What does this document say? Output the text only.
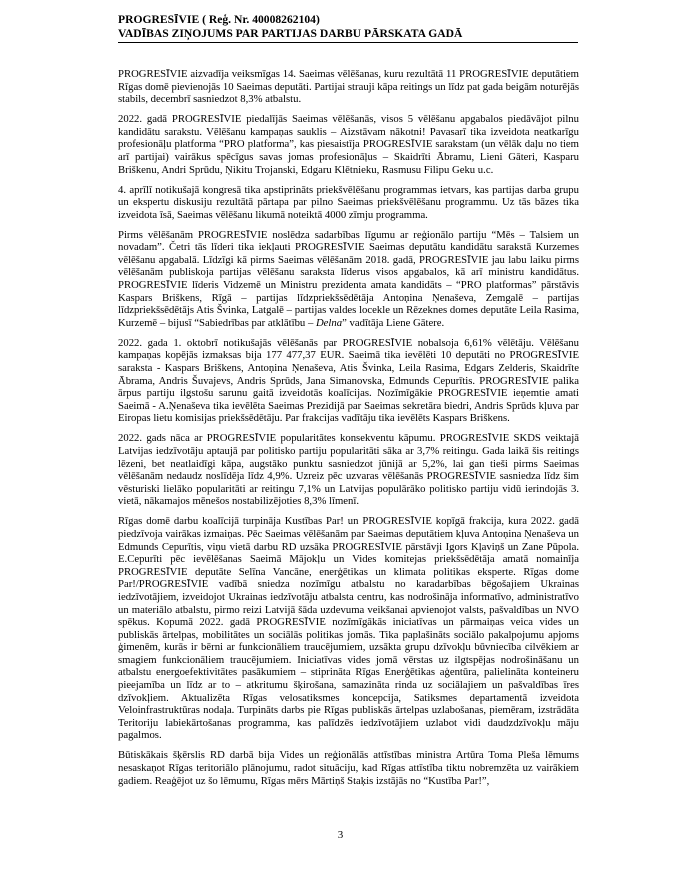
PROGRESĪVIE ( Reģ. Nr. 40008262104)
VADĪBAS ZIŅOJUMS PAR PARTIJAS DARBU PĀRSKATA GADĀ

PROGRESĪVIE aizvadīja veiksmīgas 14. Saeimas vēlēšanas, kuru rezultātā 11 PROGRESĪVIE deputātiem Rīgas domē pievienojās 10 Saeimas deputāti. Partijai strauji kāpa reitings un līdz pat gada beigām noturējās stabils, decembrī sasniedzot 8,3% atbalstu.

2022. gadā PROGRESĪVIE piedalījās Saeimas vēlēšanās, visos 5 vēlēšanu apgabalos piedāvājot pilnu kandidātu sarakstu. Vēlēšanu kampaņas sauklis – Aizstāvam nākotni! Pavasarī tika izveidota neatkarīgu profesionāļu platforma “PRO platforma”, kas piesaistīja PROGRESĪVIE sarakstam (un vēlāk daļu no tiem arī partijai) vairākus spēcīgus savas jomas profesionāļus – Skaidrīti Ābramu, Lieni Gāteri, Kasparu Briškenu, Andri Sprūdu, Ņikitu Trojanski, Edgaru Klētnieku, Rasmusu Filipu Geku u.c.

4. aprīlī notikušajā kongresā tika apstiprināts priekšvēlēšanu programmas ietvars, kas partijas darba grupu un ekspertu diskusiju rezultātā pārtapa par pilno Saeimas priekšvēlēšanu programmu. Uz tās bāzes tika izveidota īsā, Saeimas vēlēšanu likumā noteiktā 4000 zīmju programma.

Pirms vēlēšanām PROGRESĪVIE noslēdza sadarbības līgumu ar reģionālo partiju “Mēs – Talsiem un novadam”. Četri tās līderi tika iekļauti PROGRESĪVIE Saeimas deputātu kandidātu sarakstā Kurzemes vēlēšanu apgabalā. Līdzīgi kā pirms Saeimas vēlēšanām 2018. gadā, PROGRESĪVIE jau labu laiku pirms vēlēšanām publiskoja partijas vēlēšanu saraksta līderus visos apgabalos, kā arī ministru kandidātus. PROGRESĪVIE līderis Vidzemē un Ministru prezidenta amata kandidāts – “PRO platformas” pārstāvis Kaspars Briškens, Rīgā – partijas līdzpriekšsēdētāja Antoņina Ņenaševa, Zemgalē – partijas līdzpriekšsēdētājs Atis Švinka, Latgalē – partijas valdes locekle un Rēzeknes domes deputāte Leila Rasima, Kurzemē – bijusī “Sabiedrības par atklātību – Delna” vadītāja Liene Gātere.

2022. gada 1. oktobrī notikušajās vēlēšanās par PROGRESĪVIE nobalsoja 6,61% vēlētāju. Vēlēšanu kampaņas kopējās izmaksas bija 177 477,37 EUR. Saeimā tika ievēlēti 10 deputāti no PROGRESĪVIE saraksta - Kaspars Briškens, Antoņina Ņenaševa, Atis Švinka, Leila Rasima, Edgars Zelderis, Skaidrīte Ābrama, Andris Šuvajevs, Andris Sprūds, Jana Simanovska, Edmunds Cepurītis. PROGRESĪVIE palika ārpus partiju ilgstošu sarunu gaitā izveidotās koalīcijas. Nozīmīgākie PROGRESĪVIE ieņemtie amati Saeimā - A.Ņenaševa tika ievēlēta Saeimas Prezidijā par Saeimas sekretāra biedri, Andris Sprūds kļuva par Eiropas lietu komisijas priekšsēdētāju. Par frakcijas vadītāju tika ievēlēts Kaspars Briškens.

2022. gads nāca ar PROGRESĪVIE popularitātes konsekventu kāpumu. PROGRESĪVIE SKDS veiktajā Latvijas iedzīvotāju aptaujā par politisko partiju popularitāti sāka ar 3,7% reitingu. Gada laikā šis reitings lēzeni, bet neatlaidīgi kāpa, augstāko punktu sasniedzot jūnijā ar 5,2%, lai gan tieši pirms Saeimas vēlēšanām nedaudz noslīdēja līdz 4,9%. Uzreiz pēc uzvaras vēlēšanās PROGRESĪVIE sasniedza līdz šim vēsturiski lielāko popularitāti ar reitingu 7,1% un Latvijas populārāko politisko partiju vidū ierindojās 3. vietā, nākamajos mēnešos nostabilizējoties 8,3% līmenī.

Rīgas domē darbu koalīcijā turpināja Kustības Par! un PROGRESĪVIE kopīgā frakcija, kura 2022. gadā piedzīvoja vairākas izmaiņas. Pēc Saeimas vēlēšanām par Saeimas deputātiem kļuva Antoņina Ņenaševa un Edmunds Cepurītis, viņu vietā darbu RD uzsāka PROGRESĪVIE pārstāvji Igors Kļaviņš un Zane Pūpola. E.Cepurīti pēc ievēlēšanas Saeimā Mājokļu un Vides komitejas priekšsēdētāja amatā nomainīja PROGRESĪVIE deputāte Selīna Vancāne, enerģētikas un klimata politikas eksperte. Rīgas dome Par!/PROGRESĪVIE vadībā sniedza nozīmīgu atbalstu no karadarbības bēgošajiem Ukrainas iedzīvotājiem, izveidojot Ukrainas iedzīvotāju atbalsta centru, kas nodrošināja informatīvo, administratīvo un materiālo atbalstu, pirmo reizi Latvijā šāda uzdevuma veikšanai apvienojot valsts, pašvaldības un NVO spēkus. Kopumā 2022. gadā PROGRESĪVIE nozīmīgākās iniciatīvas un pārmaiņas veica vides un publiskās ārtelpas, mobilitātes un sociālās politikas jomās. Tika paplašināts sociālo pakalpojumu apjoms ģimenēm, kurās ir bērni ar funkcionāliem traucējumiem, uzsākta grupu dzīvokļu būvniecība cilvēkiem ar smagiem funkcionāliem traucējumiem. Iniciatīvas vides jomā vērstas uz ilgtspējas nodrošināšanu un atbalstu energoefektivitātes pasākumiem – stiprināta Rīgas Enerģētikas aģentūra, palielināta konteineru pieejamība un līdz ar to – atkritumu šķirošana, samazināta rinda uz sociālajiem un pašvaldības īres dzīvokļiem. Aktualizēta Rīgas velosatiksmes koncepcija, Satiksmes departamentā izveidota Veloinfrastruktūras nodaļa. Turpināts darbs pie Rīgas publiskās ārtelpas uzlabošanas, piemēram, izstrādāta Teritoriju labiekārtošanas programma, kas palīdzēs iedzīvotājiem uzlabot vidi daudzdzīvokļu māju pagalmos.

Būtiskākais šķērslis RD darbā bija Vides un reģionālās attīstības ministra Artūra Toma Pleša lēmums nesaskaņot Rīgas teritoriālo plānojumu, radot situāciju, kad Rīgas attīstība tiktu nobremzēta uz vairākiem gadiem. Reaģējot uz šo lēmumu, Rīgas mērs Mārtiņš Staķis izstājās no “Kustība Par!”,

3
